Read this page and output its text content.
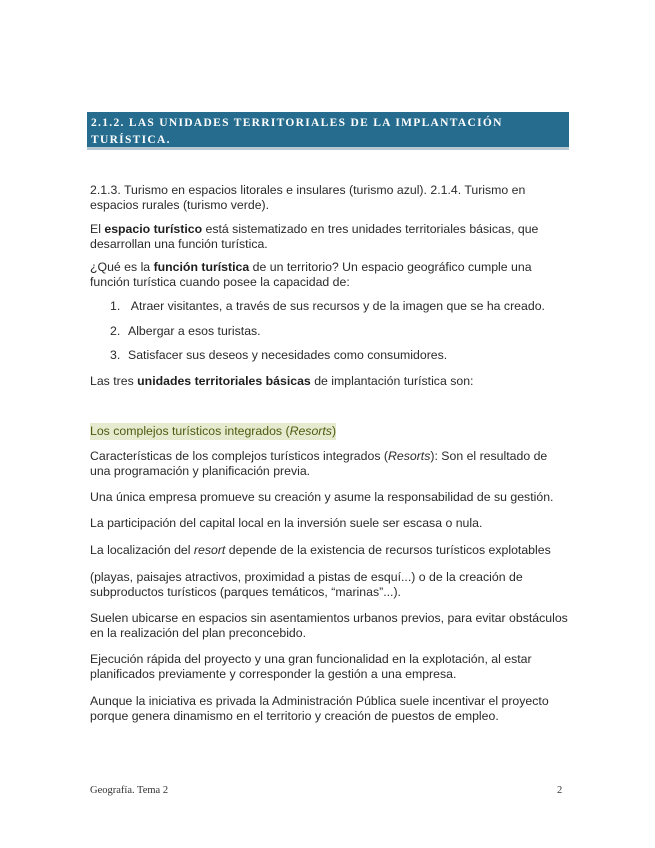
2.1.2. LAS UNIDADES TERRITORIALES DE LA IMPLANTACIÓN
TURÍSTICA.
2.1.3. Turismo en espacios litorales e insulares (turismo azul). 2.1.4. Turismo en espacios rurales (turismo verde).
El espacio turístico está sistematizado en tres unidades territoriales básicas, que desarrollan una función turística.
¿Qué es la función turística de un territorio? Un espacio geográfico cumple una función turística cuando posee la capacidad de:
1. Atraer visitantes, a través de sus recursos y de la imagen que se ha creado.
2. Albergar a esos turistas.
3. Satisfacer sus deseos y necesidades como consumidores.
Las tres unidades territoriales básicas de implantación turística son:
Los complejos turísticos integrados (Resorts)
Características de los complejos turísticos integrados (Resorts): Son el resultado de una programación y planificación previa.
Una única empresa promueve su creación y asume la responsabilidad de su gestión.
La participación del capital local en la inversión suele ser escasa o nula.
La localización del resort depende de la existencia de recursos turísticos explotables
(playas, paisajes atractivos, proximidad a pistas de esquí...) o de la creación de subproductos turísticos (parques temáticos, “marinas”...).
Suelen ubicarse en espacios sin asentamientos urbanos previos, para evitar obstáculos en la realización del plan preconcebido.
Ejecución rápida del proyecto y una gran funcionalidad en la explotación, al estar planificados previamente y corresponder la gestión a una empresa.
Aunque la iniciativa es privada la Administración Pública suele incentivar el proyecto porque genera dinamismo en el territorio y creación de puestos de empleo.
Geografía. Tema 2	2
